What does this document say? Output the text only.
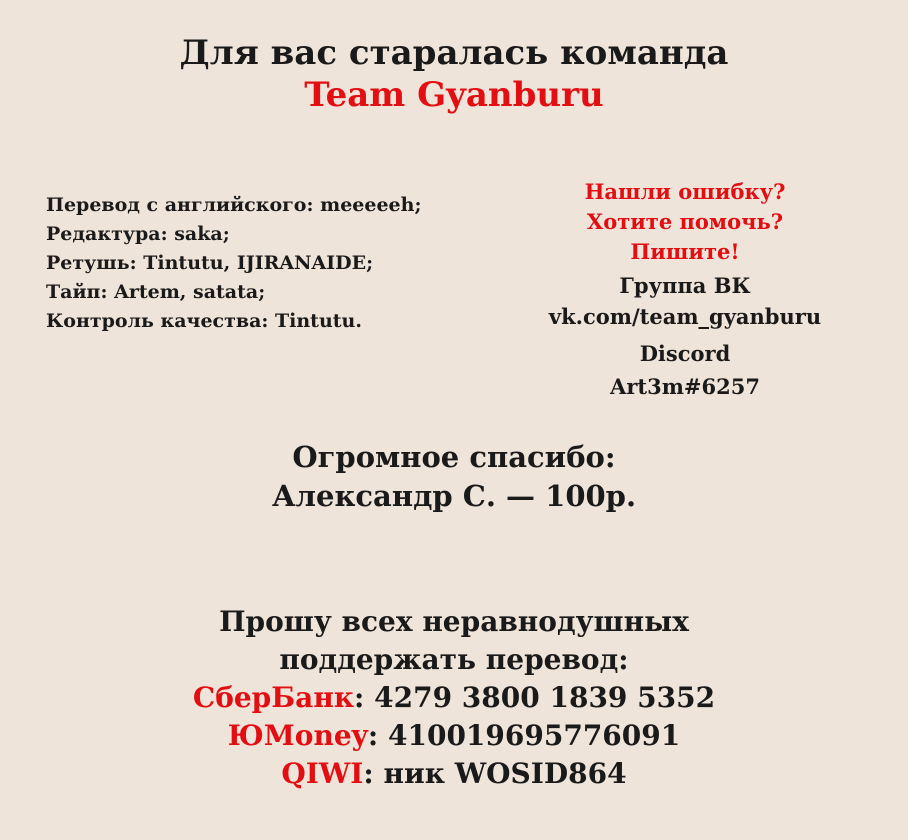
Для вас старалась команда
Team Gyanburu
Перевод с английского: meeeeeh;
Редактура: saka;
Ретушь: Tintutu, IJIRANAIDE;
Тайп: Artem, satata;
Контроль качества: Tintutu.
Нашли ошибку?
Хотите помочь?
Пишите!
Группа ВК
vk.com/team_gyanburu
Discord
Art3m#6257
Огромное спасибо:
Александр С. — 100р.
Прошу всех неравнодушных
поддержать перевод:
СберБанк: 4279 3800 1839 5352
ЮMoney: 410019695776091
QIWI: ник WOSID864
